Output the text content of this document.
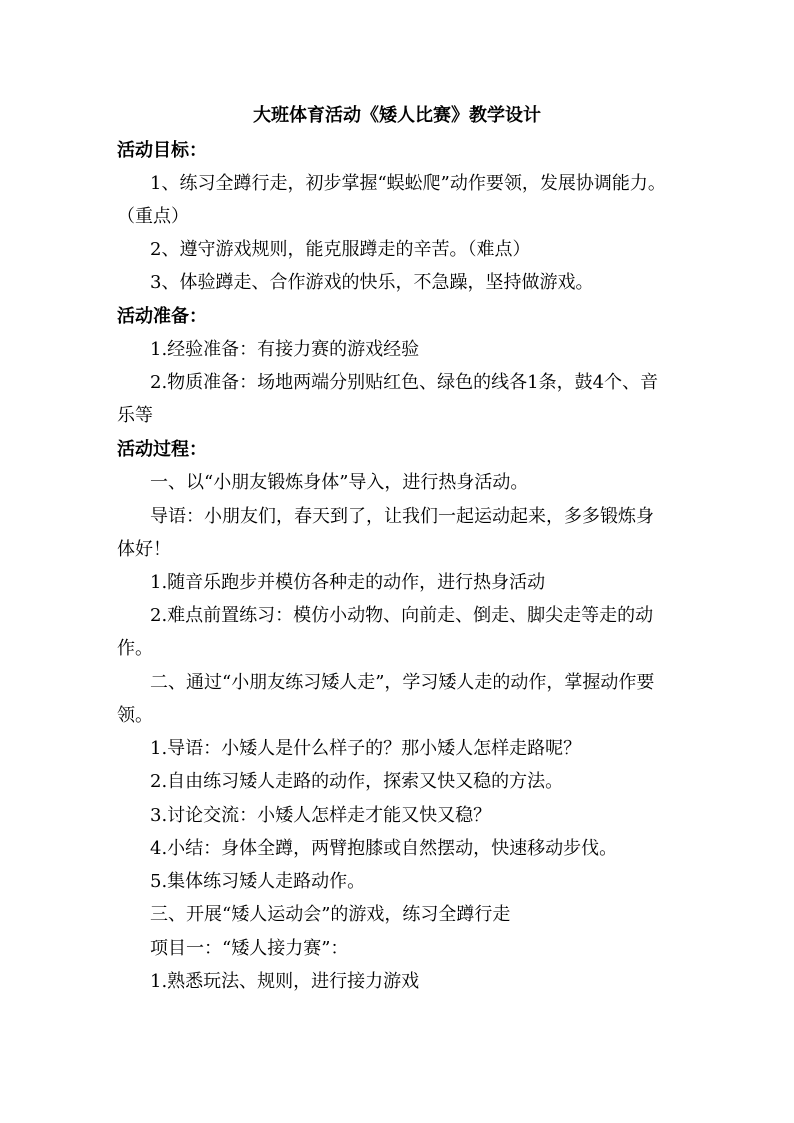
大班体育活动《矮人比赛》教学设计
活动目标：
1、练习全蹲行走，初步掌握“蜈蚣爬”动作要领，发展协调能力。
（重点）
2、遵守游戏规则，能克服蹲走的辛苦。（难点）
3、体验蹲走、合作游戏的快乐，不急躁，坚持做游戏。
活动准备：
1.经验准备：有接力赛的游戏经验
2.物质准备：场地两端分别贴红色、绿色的线各1条，鼓4个、音
乐等
活动过程：
一、以“小朋友锻炼身体”导入，进行热身活动。
导语：小朋友们，春天到了，让我们一起运动起来，多多锻炼身
体好！
1.随音乐跑步并模仿各种走的动作，进行热身活动
2.难点前置练习：模仿小动物、向前走、倒走、脚尖走等走的动
作。
二、通过“小朋友练习矮人走”，学习矮人走的动作，掌握动作要
领。
1.导语：小矮人是什么样子的？那小矮人怎样走路呢？
2.自由练习矮人走路的动作，探索又快又稳的方法。
3.讨论交流：小矮人怎样走才能又快又稳？
4.小结：身体全蹲，两臂抱膝或自然摆动，快速移动步伐。
5.集体练习矮人走路动作。
三、开展“矮人运动会”的游戏，练习全蹲行走
项目一：“矮人接力赛”：
1.熟悉玩法、规则，进行接力游戏
